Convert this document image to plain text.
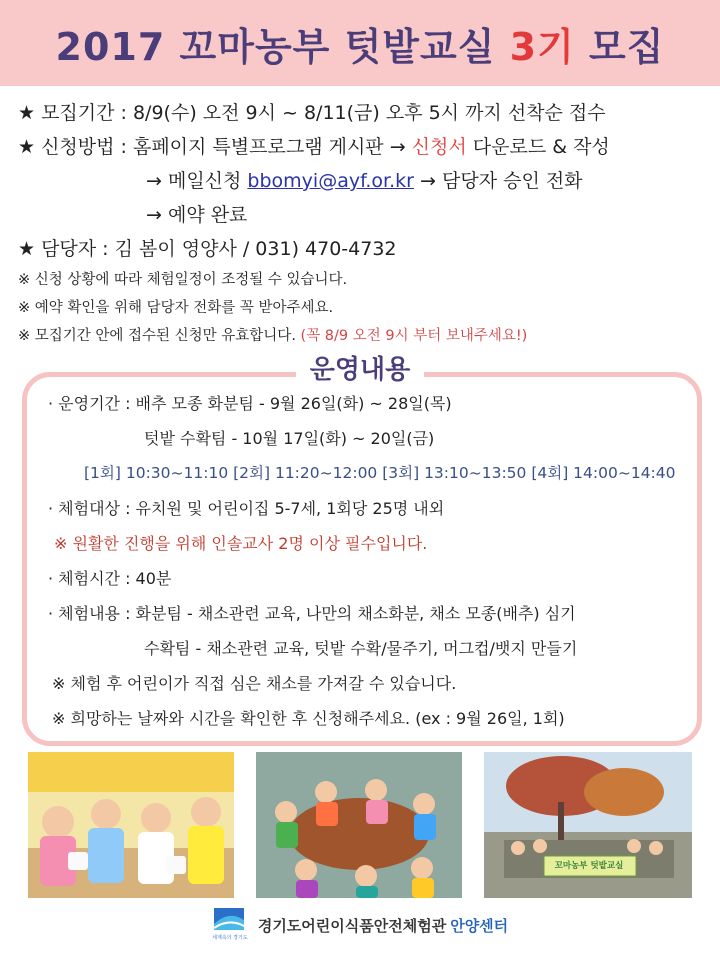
2017 꼬마농부 텃밭교실 3기 모집
★ 모집기간 : 8/9(수) 오전 9시 ~ 8/11(금) 오후 5시 까지 선착순 접수
★ 신청방법 : 홈페이지 특별프로그램 게시판 → 신청서 다운로드 & 작성
→ 메일신청 bbomyi@ayf.or.kr → 담당자 승인 전화
→ 예약 완료
★ 담당자 : 김 봄이 영양사 / 031) 470-4732
※ 신청 상황에 따라 체험일정이 조정될 수 있습니다.
※ 예약 확인을 위해 담당자 전화를 꼭 받아주세요.
※ 모집기간 안에 접수된 신청만 유효합니다. (꼭 8/9 오전 9시 부터 보내주세요!)
운영내용
· 운영기간 : 배추 모종 화분팀 - 9월 26일(화) ~ 28일(목)
텃밭 수확팀 - 10월 17일(화) ~ 20일(금)
[1회] 10:30~11:10 [2회] 11:20~12:00 [3회] 13:10~13:50 [4회] 14:00~14:40
· 체험대상 : 유치원 및 어린이집 5-7세, 1회당 25명 내외
※ 원활한 진행을 위해 인솔교사 2명 이상 필수입니다.
· 체험시간 : 40분
· 체험내용 : 화분팀 - 채소관련 교육, 나만의 채소화분, 채소 모종(배추) 심기
수확팀 - 채소관련 교육, 텃밭 수확/물주기, 머그컵/뱃지 만들기
※ 체험 후 어린이가 직접 심은 채소를 가져갈 수 있습니다.
※ 희망하는 날짜와 시간을 확인한 후 신청해주세요. (ex : 9월 26일, 1회)
꼬마농부 텃밭교실
세계속의 경기도
경기도어린이식품안전체험관 안양센터
